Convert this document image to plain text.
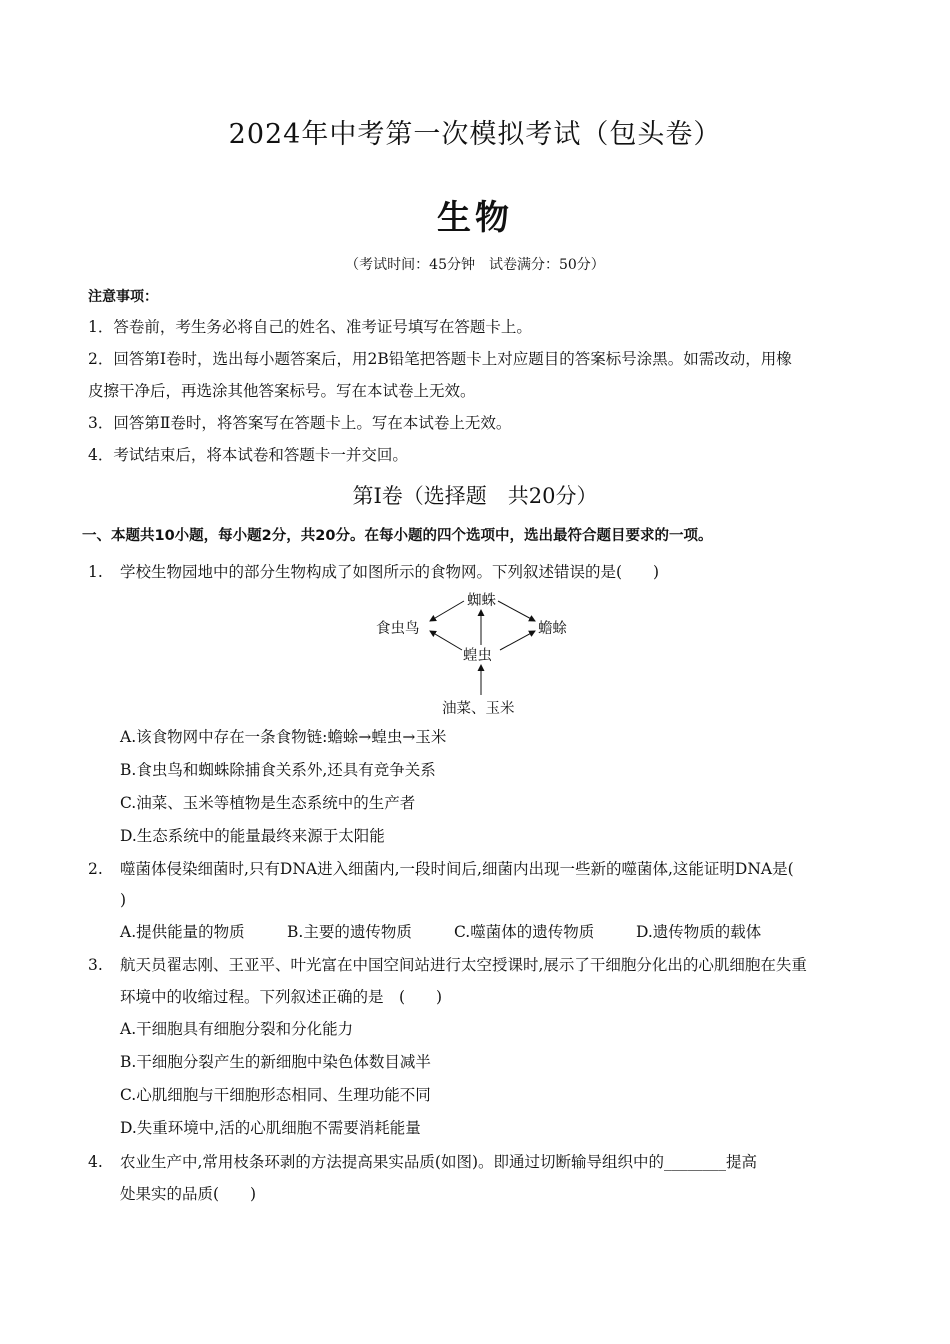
2024年中考第一次模拟考试（包头卷）
生物
（考试时间：45分钟　试卷满分：50分）
注意事项：
1．答卷前，考生务必将自己的姓名、准考证号填写在答题卡上。
2．回答第Ⅰ卷时，选出每小题答案后，用2B铅笔把答题卡上对应题目的答案标号涂黑。如需改动，用橡
皮擦干净后，再选涂其他答案标号。写在本试卷上无效。
3．回答第Ⅱ卷时，将答案写在答题卡上。写在本试卷上无效。
4．考试结束后，将本试卷和答题卡一并交回。
第Ⅰ卷（选择题　共20分）
一、本题共10小题，每小题2分，共20分。在每小题的四个选项中，选出最符合题目要求的一项。
1. 学校生物园地中的部分生物构成了如图所示的食物网。下列叙述错误的是(　　)
蜘蛛
食虫鸟	蟾蜍
蝗虫
油菜、玉米
A.该食物网中存在一条食物链:蟾蜍→蝗虫→玉米
B.食虫鸟和蜘蛛除捕食关系外,还具有竞争关系
C.油菜、玉米等植物是生态系统中的生产者
D.生态系统中的能量最终来源于太阳能
2. 噬菌体侵染细菌时,只有DNA进入细菌内,一段时间后,细菌内出现一些新的噬菌体,这能证明DNA是(
)
A.提供能量的物质	B.主要的遗传物质	C.噬菌体的遗传物质	D.遗传物质的载体
3. 航天员翟志刚、王亚平、叶光富在中国空间站进行太空授课时,展示了干细胞分化出的心肌细胞在失重
环境中的收缩过程。下列叙述正确的是　(　　)
A.干细胞具有细胞分裂和分化能力
B.干细胞分裂产生的新细胞中染色体数目减半
C.心肌细胞与干细胞形态相同、生理功能不同
D.失重环境中,活的心肌细胞不需要消耗能量
4. 农业生产中,常用枝条环剥的方法提高果实品质(如图)。即通过切断输导组织中的________提高
处果实的品质(　　)
